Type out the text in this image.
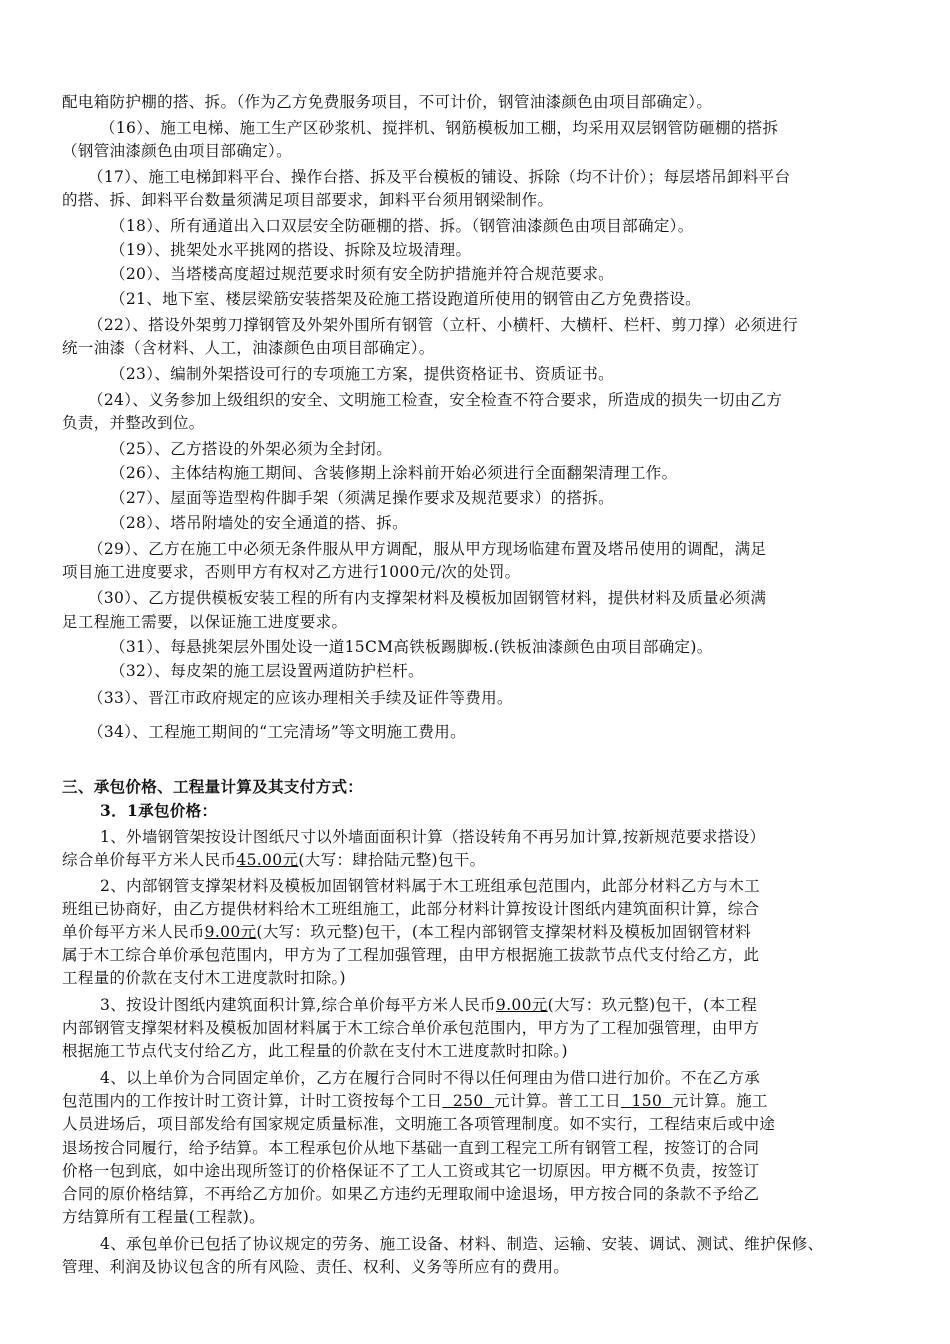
配电箱防护棚的搭、拆。（作为乙方免费服务项目，不可计价，钢管油漆颜色由项目部确定）。
（16）、施工电梯、施工生产区砂浆机、搅拌机、钢筋模板加工棚，均采用双层钢管防砸棚的搭拆
（钢管油漆颜色由项目部确定）。
（17）、施工电梯卸料平台、操作台搭、拆及平台模板的铺设、拆除（均不计价）；每层塔吊卸料平台
的搭、拆、卸料平台数量须满足项目部要求，卸料平台须用钢梁制作。
（18）、所有通道出入口双层安全防砸棚的搭、拆。（钢管油漆颜色由项目部确定）。
（19）、挑架处水平挑网的搭设、拆除及垃圾清理。
（20）、当塔楼高度超过规范要求时须有安全防护措施并符合规范要求。
（21、地下室、楼层梁筋安装搭架及砼施工搭设跑道所使用的钢管由乙方免费搭设。
（22）、搭设外架剪刀撑钢管及外架外围所有钢管（立杆、小横杆、大横杆、栏杆、剪刀撑）必须进行
统一油漆（含材料、人工，油漆颜色由项目部确定）。
（23）、编制外架搭设可行的专项施工方案，提供资格证书、资质证书。
（24）、义务参加上级组织的安全、文明施工检查，安全检查不符合要求，所造成的损失一切由乙方
负责，并整改到位。
（25）、乙方搭设的外架必须为全封闭。
（26）、主体结构施工期间、含装修期上涂料前开始必须进行全面翻架清理工作。
（27）、屋面等造型构件脚手架（须满足操作要求及规范要求）的搭拆。
（28）、塔吊附墙处的安全通道的搭、拆。
（29）、乙方在施工中必须无条件服从甲方调配，服从甲方现场临建布置及塔吊使用的调配，满足
项目施工进度要求，否则甲方有权对乙方进行1000元/次的处罚。
（30）、乙方提供模板安装工程的所有内支撑架材料及模板加固钢管材料，提供材料及质量必须满
足工程施工需要，以保证施工进度要求。
（31）、每悬挑架层外围处设一道15CM高铁板踢脚板.(铁板油漆颜色由项目部确定)。
（32）、每皮架的施工层设置两道防护栏杆。
（33）、晋江市政府规定的应该办理相关手续及证件等费用。
（34）、工程施工期间的“工完清场”等文明施工费用。
三、承包价格、工程量计算及其支付方式：
3．1承包价格：
1、外墙钢管架按设计图纸尺寸以外墙面面积计算（搭设转角不再另加计算,按新规范要求搭设）
综合单价每平方米人民币45.00元(大写：肆拾陆元整)包干。
2、内部钢管支撑架材料及模板加固钢管材料属于木工班组承包范围内，此部分材料乙方与木工
班组已协商好，由乙方提供材料给木工班组施工，此部分材料计算按设计图纸内建筑面积计算，综合
单价每平方米人民币9.00元(大写：玖元整)包干，(本工程内部钢管支撑架材料及模板加固钢管材料
属于木工综合单价承包范围内，甲方为了工程加强管理，由甲方根据施工拔款节点代支付给乙方，此
工程量的价款在支付木工进度款时扣除。)
3、按设计图纸内建筑面积计算,综合单价每平方米人民币9.00元(大写：玖元整)包干，(本工程
内部钢管支撑架材料及模板加固材料属于木工综合单价承包范围内，甲方为了工程加强管理，由甲方
根据施工节点代支付给乙方，此工程量的价款在支付木工进度款时扣除。)
4、以上单价为合同固定单价，乙方在履行合同时不得以任何理由为借口进行加价。不在乙方承
包范围内的工作按计时工资计算，计时工资按每个工日  250  元计算。普工工日  150  元计算。施工
人员进场后，项目部发给有国家规定质量标准，文明施工各项管理制度。如不实行，工程结束后或中途
退场按合同履行，给予结算。本工程承包价从地下基础一直到工程完工所有钢管工程，按签订的合同
价格一包到底，如中途出现所签订的价格保证不了工人工资或其它一切原因。甲方概不负责，按签订
合同的原价格结算，不再给乙方加价。如果乙方违约无理取闹中途退场，甲方按合同的条款不予给乙
方结算所有工程量(工程款)。
4、承包单价已包括了协议规定的劳务、施工设备、材料、制造、运输、安装、调试、测试、维护保修、
管理、利润及协议包含的所有风险、责任、权利、义务等所应有的费用。
